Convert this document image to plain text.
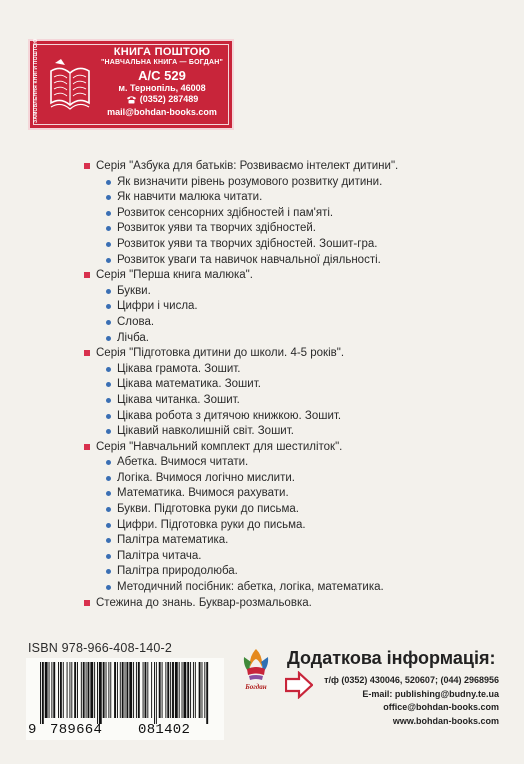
ЗАМОВЛЕННЯ КНИГИ ПОШТОЮ	КНИГА ПОШТОЮ
"НАВЧАЛЬНА КНИГА — БОГДАН"
А/С 529
м. Тернопіль, 46008
(0352) 287489
mail@bohdan-books.com
Серія "Азбука для батьків: Розвиваємо інтелект дитини".
Як визначити рівень розумового розвитку дитини.
Як навчити малюка читати.
Розвиток сенсорних здібностей і пам'яті.
Розвиток уяви та творчих здібностей.
Розвиток уяви та творчих здібностей. Зошит-гра.
Розвиток уваги та навичок навчальної діяльності.
Серія "Перша книга малюка".
Букви.
Цифри і числа.
Слова.
Лічба.
Серія "Підготовка дитини до школи. 4-5 років".
Цікава грамота. Зошит.
Цікава математика. Зошит.
Цікава читанка. Зошит.
Цікава робота з дитячою книжкою. Зошит.
Цікавий навколишній світ. Зошит.
Серія "Навчальний комплект для шестиліток".
Абетка. Вчимося читати.
Логіка. Вчимося логічно мислити.
Математика. Вчимося рахувати.
Букви. Підготовка руки до письма.
Цифри. Підготовка руки до письма.
Палітра математика.
Палітра читача.
Палітра природолюба.
Методичний посібник: абетка, логіка, математика.
Стежина до знань. Буквар-розмальовка.
ISBN 978-966-408-140-2
9 789664	081402
Богдан
Додаткова інформація:
т/ф (0352) 430046, 520607; (044) 2968956
E-mail: publishing@budny.te.ua
office@bohdan-books.com
www.bohdan-books.com
